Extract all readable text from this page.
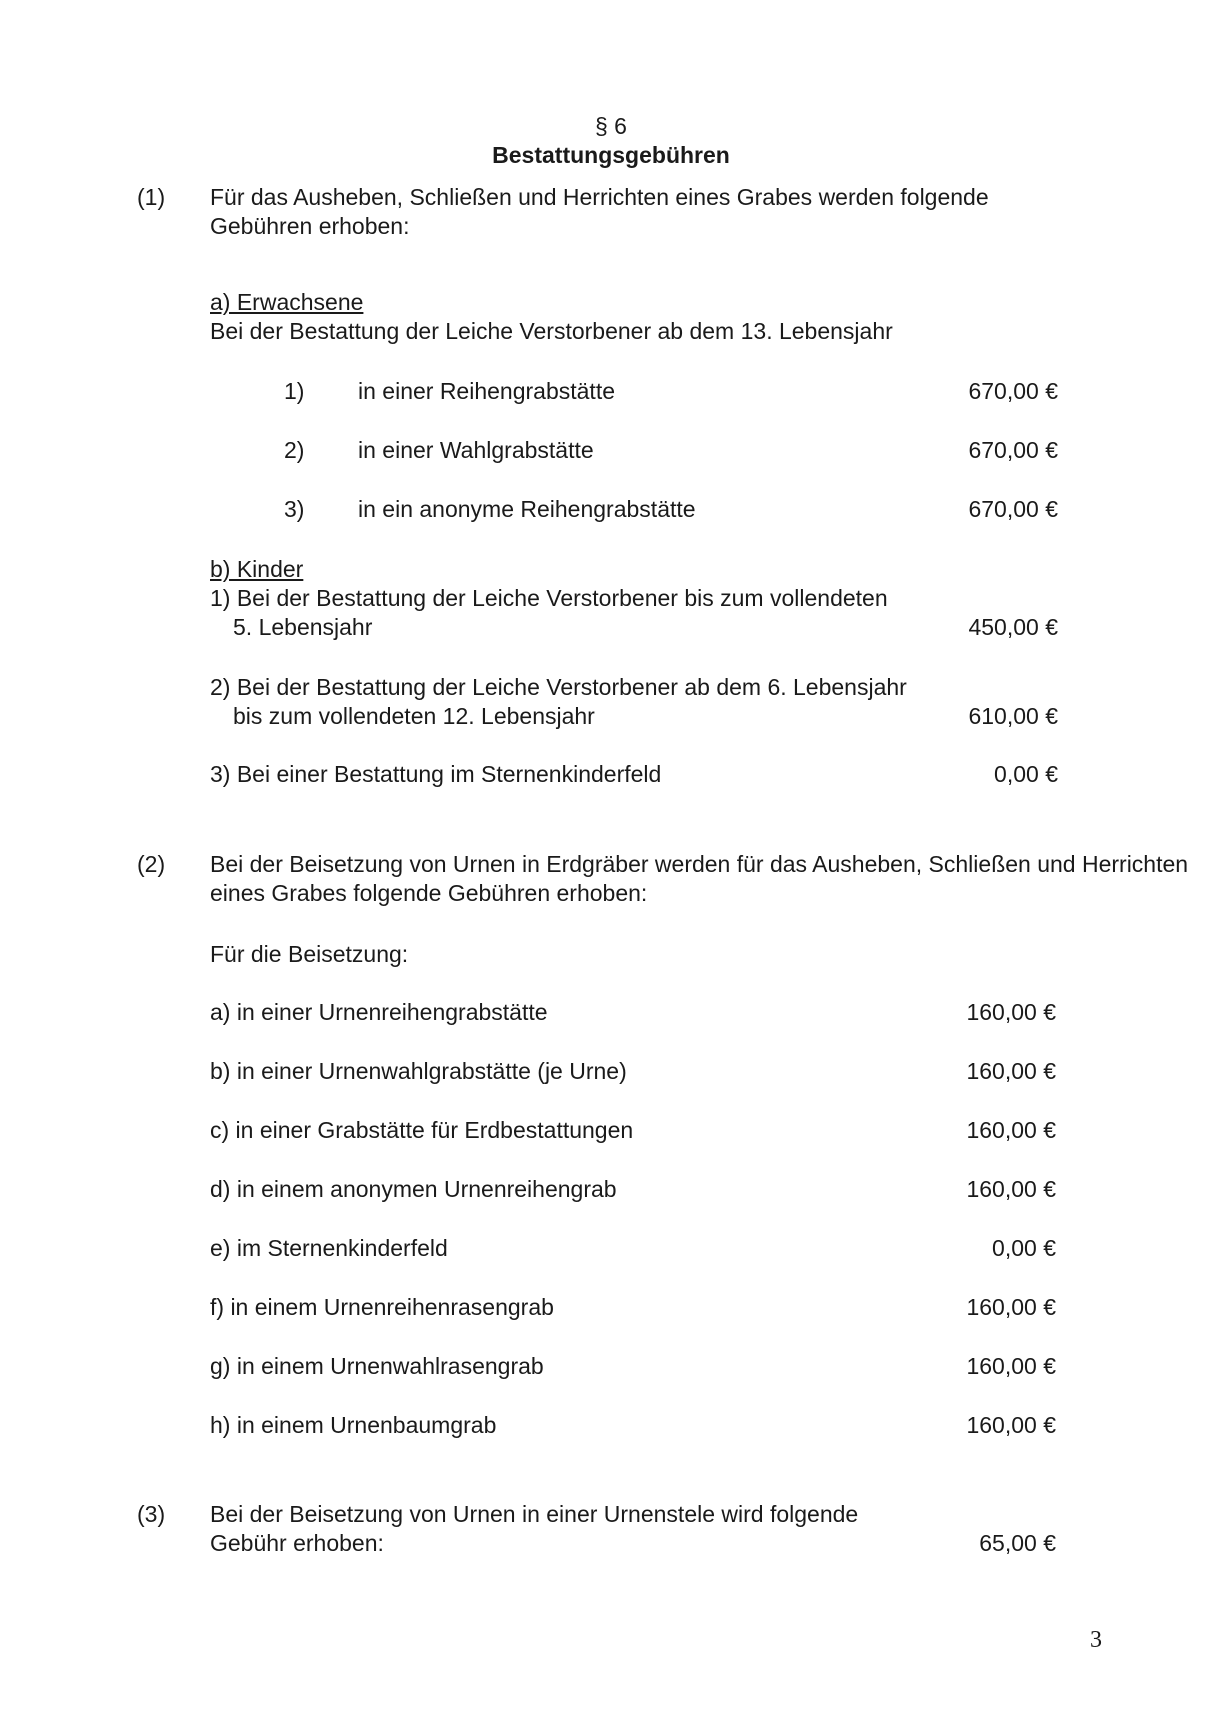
§ 6
Bestattungsgebühren
(1) Für das Ausheben, Schließen und Herrichten eines Grabes werden folgende
Gebühren erhoben:
a) Erwachsene
Bei der Bestattung der Leiche Verstorbener ab dem 13. Lebensjahr
1) in einer Reihengrabstätte	670,00 €
2) in einer Wahlgrabstätte	670,00 €
3) in ein anonyme Reihengrabstätte	670,00 €
b) Kinder
1) Bei der Bestattung der Leiche Verstorbener bis zum vollendeten
5. Lebensjahr	450,00 €
2) Bei der Bestattung der Leiche Verstorbener ab dem 6. Lebensjahr
bis zum vollendeten 12. Lebensjahr	610,00 €
3) Bei einer Bestattung im Sternenkinderfeld	0,00 €
(2) Bei der Beisetzung von Urnen in Erdgräber werden für das Ausheben, Schließen und Herrichten
eines Grabes folgende Gebühren erhoben:
Für die Beisetzung:
a) in einer Urnenreihengrabstätte	160,00 €
b) in einer Urnenwahlgrabstätte (je Urne)	160,00 €
c) in einer Grabstätte für Erdbestattungen	160,00 €
d) in einem anonymen Urnenreihengrab	160,00 €
e) im Sternenkinderfeld	0,00 €
f) in einem Urnenreihenrasengrab	160,00 €
g) in einem Urnenwahlrasengrab	160,00 €
h) in einem Urnenbaumgrab	160,00 €
(3) Bei der Beisetzung von Urnen in einer Urnenstele wird folgende
Gebühr erhoben:	65,00 €
3
